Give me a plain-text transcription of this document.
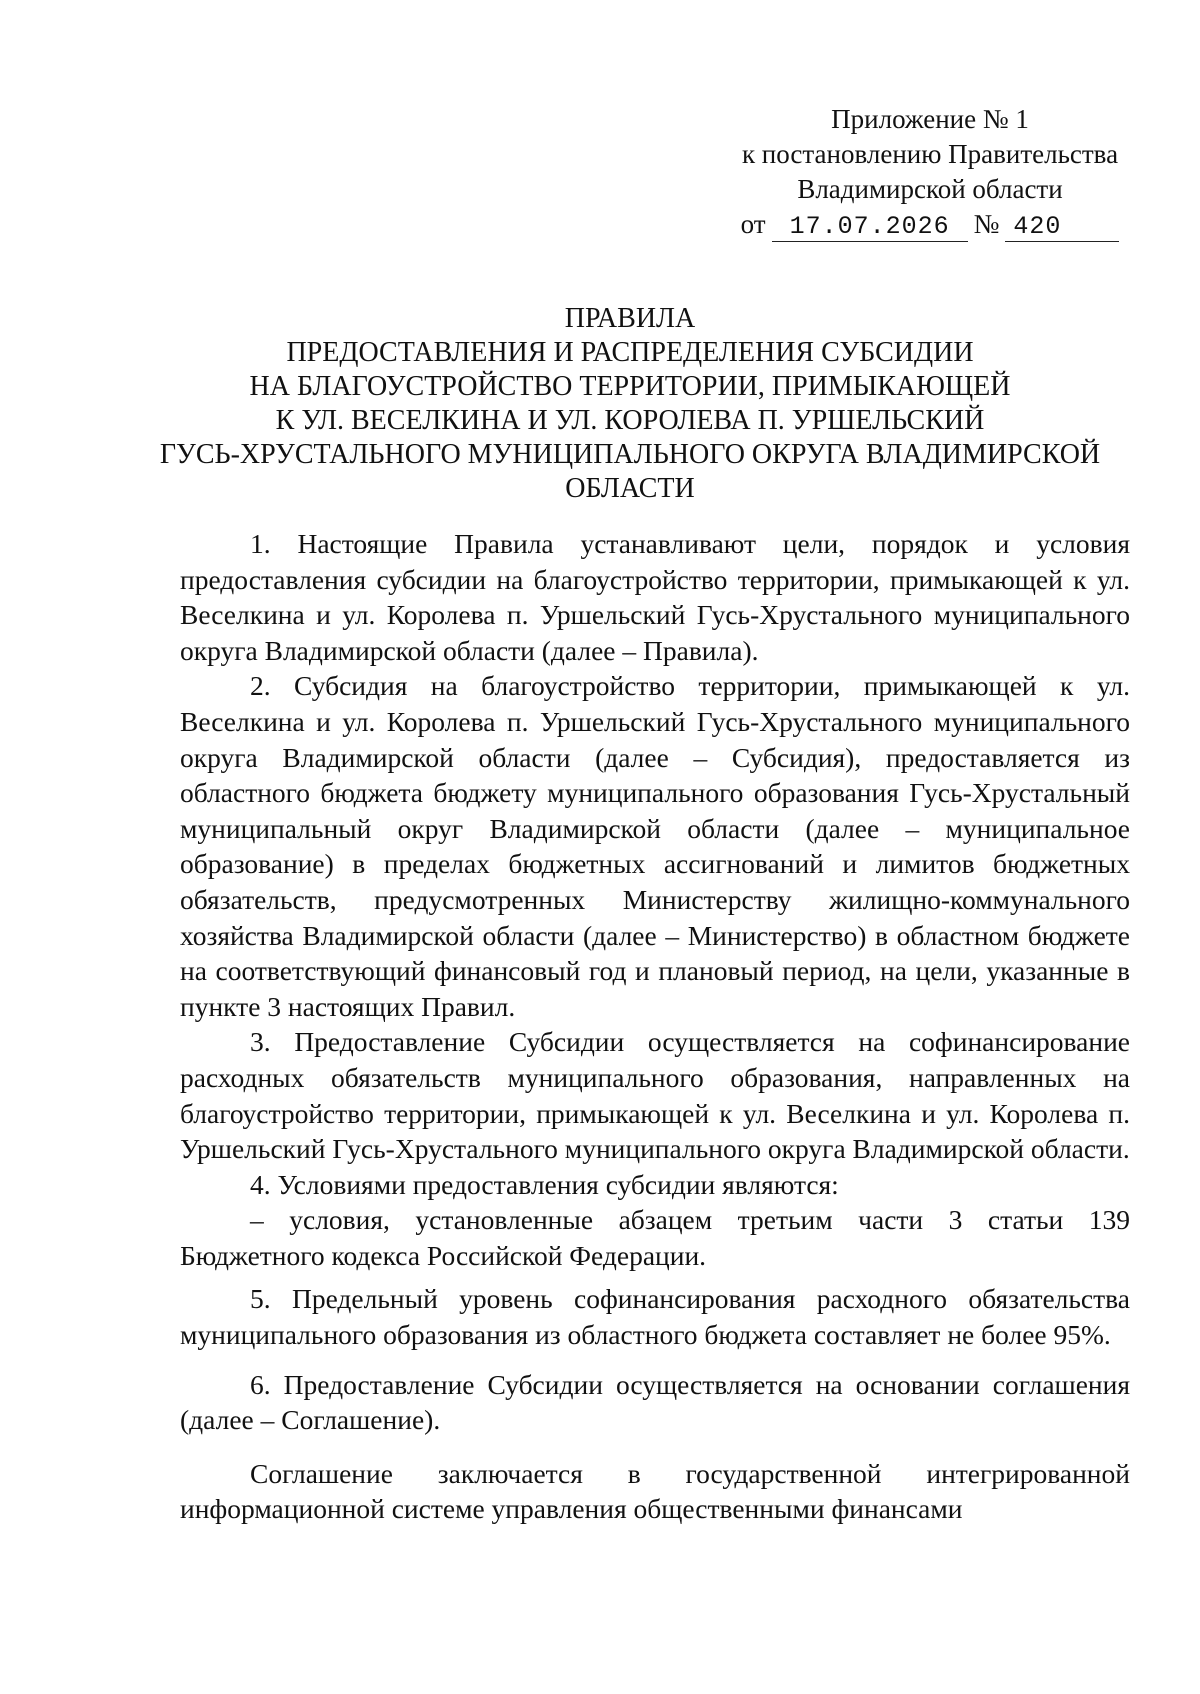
Приложение № 1
к постановлению Правительства
Владимирской области
от 17.07.2026 № 420
ПРАВИЛА
ПРЕДОСТАВЛЕНИЯ И РАСПРЕДЕЛЕНИЯ СУБСИДИИ
НА БЛАГОУСТРОЙСТВО ТЕРРИТОРИИ, ПРИМЫКАЮЩЕЙ
К УЛ. ВЕСЕЛКИНА И УЛ. КОРОЛЕВА П. УРШЕЛЬСКИЙ
ГУСЬ-ХРУСТАЛЬНОГО МУНИЦИПАЛЬНОГО ОКРУГА ВЛАДИМИРСКОЙ
ОБЛАСТИ

1. Настоящие Правила устанавливают цели, порядок и условия предоставления субсидии на благоустройство территории, примыкающей к ул. Веселкина и ул. Королева п. Уршельский Гусь-Хрустального муниципального округа Владимирской области (далее – Правила).

2. Субсидия на благоустройство территории, примыкающей к ул. Веселкина и ул. Королева п. Уршельский Гусь-Хрустального муниципального округа Владимирской области (далее – Субсидия), предоставляется из областного бюджета бюджету муниципального образования Гусь-Хрустальный муниципальный округ Владимирской области (далее – муниципальное образование) в пределах бюджетных ассигнований и лимитов бюджетных обязательств, предусмотренных Министерству жилищно-коммунального хозяйства Владимирской области (далее – Министерство) в областном бюджете на соответствующий финансовый год и плановый период, на цели, указанные в пункте 3 настоящих Правил.

3. Предоставление Субсидии осуществляется на софинансирование расходных обязательств муниципального образования, направленных на благоустройство территории, примыкающей к ул. Веселкина и ул. Королева п. Уршельский Гусь-Хрустального муниципального округа Владимирской области.

4. Условиями предоставления субсидии являются:

– условия, установленные абзацем третьим части 3 статьи 139 Бюджетного кодекса Российской Федерации.

5. Предельный уровень софинансирования расходного обязательства муниципального образования из областного бюджета составляет не более 95%.

6. Предоставление Субсидии осуществляется на основании соглашения (далее – Соглашение).

Соглашение заключается в государственной интегрированной информационной системе управления общественными финансами
